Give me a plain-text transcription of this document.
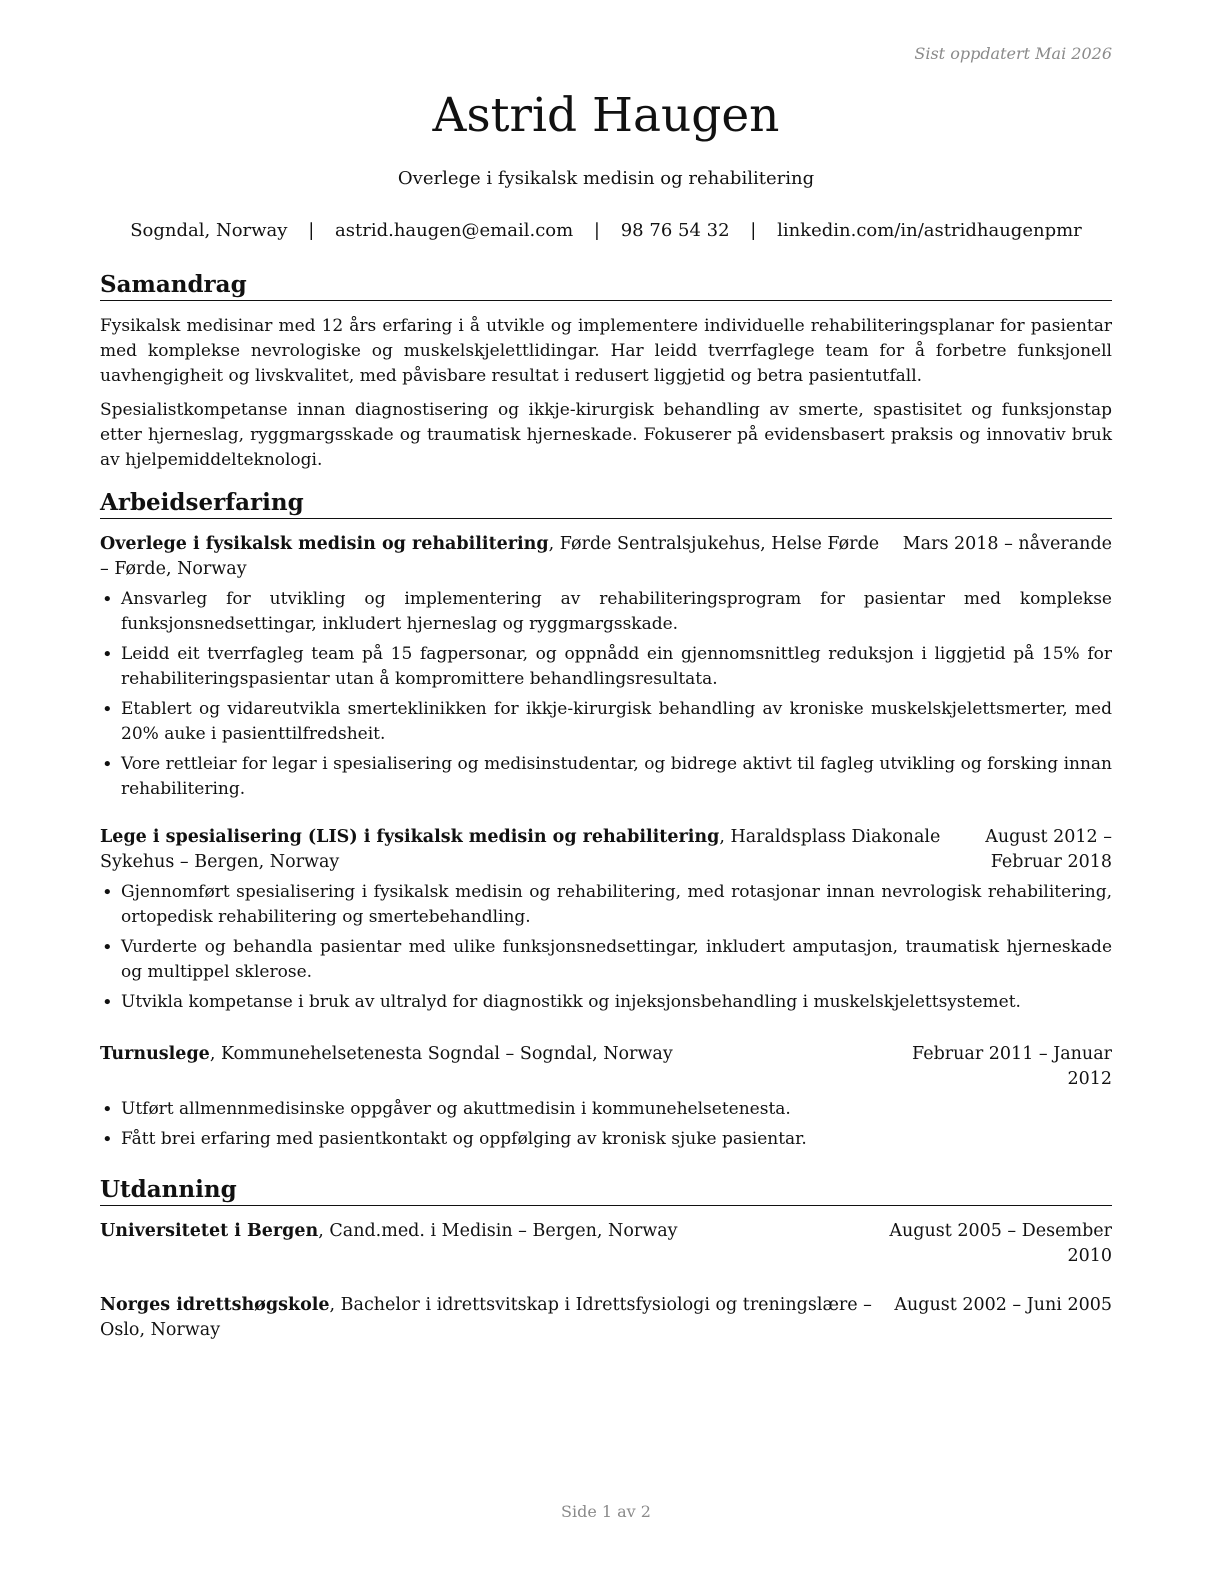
Sist oppdatert Mai 2026
Astrid Haugen
Overlege i fysikalsk medisin og rehabilitering
Sogndal, Norway | astrid.haugen@email.com | 98 76 54 32 | linkedin.com/in/astridhaugenpmr
Samandrag
Fysikalsk medisinar med 12 års erfaring i å utvikle og implementere individuelle rehabiliteringsplanar for pasientar med komplekse nevrologiske og muskelskjelettlidingar. Har leidd tverrfaglege team for å forbetre funksjonell uavhengigheit og livskvalitet, med påvisbare resultat i redusert liggjetid og betra pasientutfall.
Spesialistkompetanse innan diagnostisering og ikkje-kirurgisk behandling av smerte, spastisitet og funksjonstap etter hjerneslag, ryggmargsskade og traumatisk hjerneskade. Fokuserer på evidensbasert praksis og innovativ bruk av hjelpemiddelteknologi.
Arbeidserfaring
Overlege i fysikalsk medisin og rehabilitering, Førde Sentralsjukehus, Helse Førde – Førde, Norway
Mars 2018 – nåverande
• Ansvarleg for utvikling og implementering av rehabiliteringsprogram for pasientar med komplekse funksjonsnedsettingar, inkludert hjerneslag og ryggmargsskade.
• Leidd eit tverrfagleg team på 15 fagpersonar, og oppnådd ein gjennomsnittleg reduksjon i liggjetid på 15% for rehabiliteringspasientar utan å kompromittere behandlingsresultata.
• Etablert og vidareutvikla smerteklinikken for ikkje-kirurgisk behandling av kroniske muskelskjelettsmerter, med 20% auke i pasienttilfredsheit.
• Vore rettleiar for legar i spesialisering og medisinstudentar, og bidrege aktivt til fagleg utvikling og forsking innan rehabilitering.
Lege i spesialisering (LIS) i fysikalsk medisin og rehabilitering, Haraldsplass Diakonale Sykehus – Bergen, Norway
August 2012 – Februar 2018
• Gjennomført spesialisering i fysikalsk medisin og rehabilitering, med rotasjonar innan nevrologisk rehabilitering, ortopedisk rehabilitering og smertebehandling.
• Vurderte og behandla pasientar med ulike funksjonsnedsettingar, inkludert amputasjon, traumatisk hjerneskade og multippel sklerose.
• Utvikla kompetanse i bruk av ultralyd for diagnostikk og injeksjonsbehandling i muskelskjelettsystemet.
Turnuslege, Kommunehelsetenesta Sogndal – Sogndal, Norway	Februar 2011 – Januar 2012
• Utført allmennmedisinske oppgåver og akuttmedisin i kommunehelsetenesta.
• Fått brei erfaring med pasientkontakt og oppfølging av kronisk sjuke pasientar.
Utdanning
Universitetet i Bergen, Cand.med. i Medisin – Bergen, Norway	August 2005 – Desember 2010
Norges idrettshøgskole, Bachelor i idrettsvitskap i Idrettsfysiologi og treningslære – Oslo, Norway
August 2002 – Juni 2005
Side 1 av 2
